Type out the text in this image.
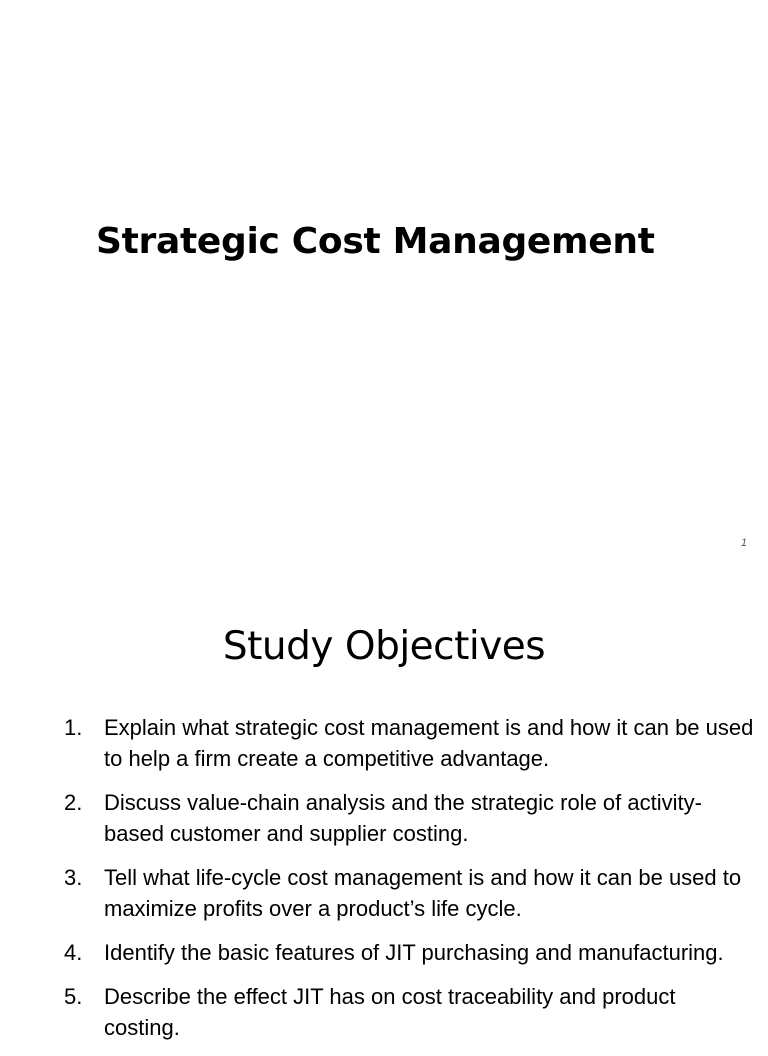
Strategic Cost Management
1
Study Objectives
1. Explain what strategic cost management is and how it can be used to help a firm create a competitive advantage.
2. Discuss value-chain analysis and the strategic role of activity-based customer and supplier costing.
3. Tell what life-cycle cost management is and how it can be used to maximize profits over a product’s life cycle.
4. Identify the basic features of JIT purchasing and manufacturing.
5. Describe the effect JIT has on cost traceability and product costing.
